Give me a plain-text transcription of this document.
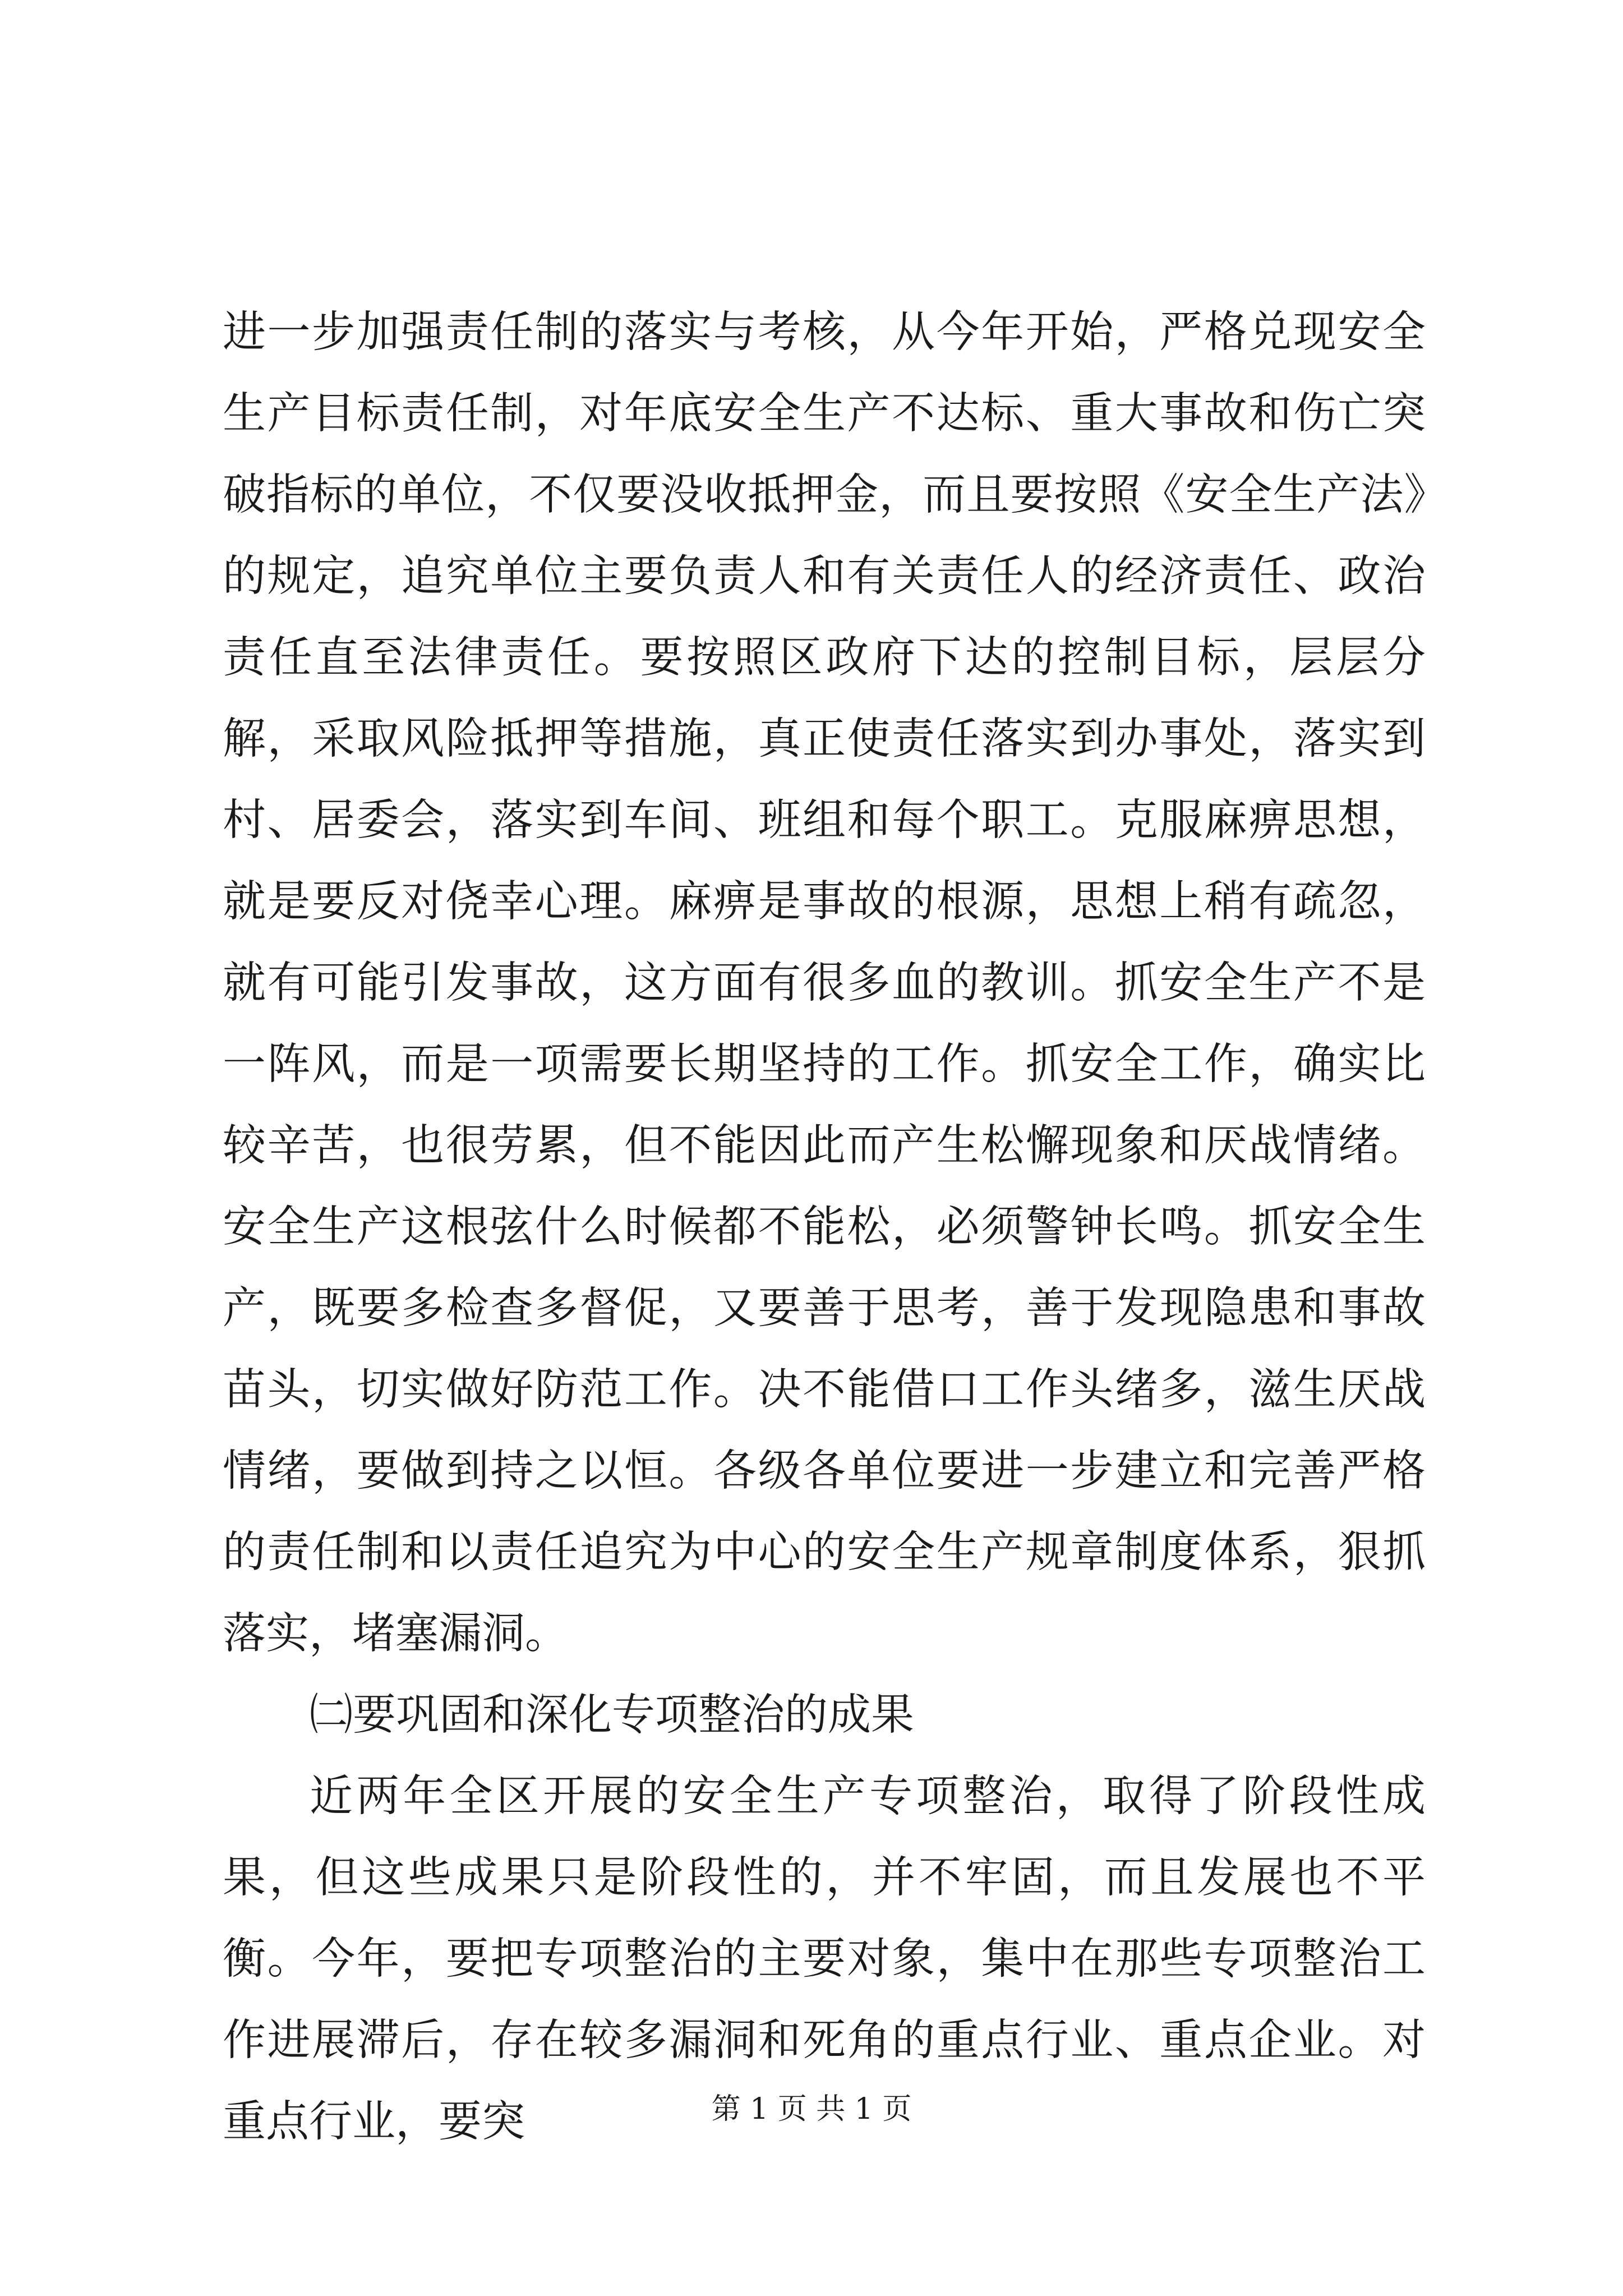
进一步加强责任制的落实与考核，从今年开始，严格兑现安全生产目标责任制，对年底安全生产不达标、重大事故和伤亡突破指标的单位，不仅要没收抵押金，而且要按照《安全生产法》的规定，追究单位主要负责人和有关责任人的经济责任、政治责任直至法律责任。要按照区政府下达的控制目标，层层分解，采取风险抵押等措施，真正使责任落实到办事处，落实到村、居委会，落实到车间、班组和每个职工。克服麻痹思想，就是要反对侥幸心理。麻痹是事故的根源，思想上稍有疏忽，就有可能引发事故，这方面有很多血的教训。抓安全生产不是一阵风，而是一项需要长期坚持的工作。抓安全工作，确实比较辛苦，也很劳累，但不能因此而产生松懈现象和厌战情绪。安全生产这根弦什么时候都不能松，必须警钟长鸣。抓安全生产，既要多检查多督促，又要善于思考，善于发现隐患和事故苗头，切实做好防范工作。决不能借口工作头绪多，滋生厌战情绪，要做到持之以恒。各级各单位要进一步建立和完善严格的责任制和以责任追究为中心的安全生产规章制度体系，狠抓落实，堵塞漏洞。

㈡要巩固和深化专项整治的成果

近两年全区开展的安全生产专项整治，取得了阶段性成果，但这些成果只是阶段性的，并不牢固，而且发展也不平衡。今年，要把专项整治的主要对象，集中在那些专项整治工作进展滞后，存在较多漏洞和死角的重点行业、重点企业。对重点行业，要突	第 1 页 共 1 页
